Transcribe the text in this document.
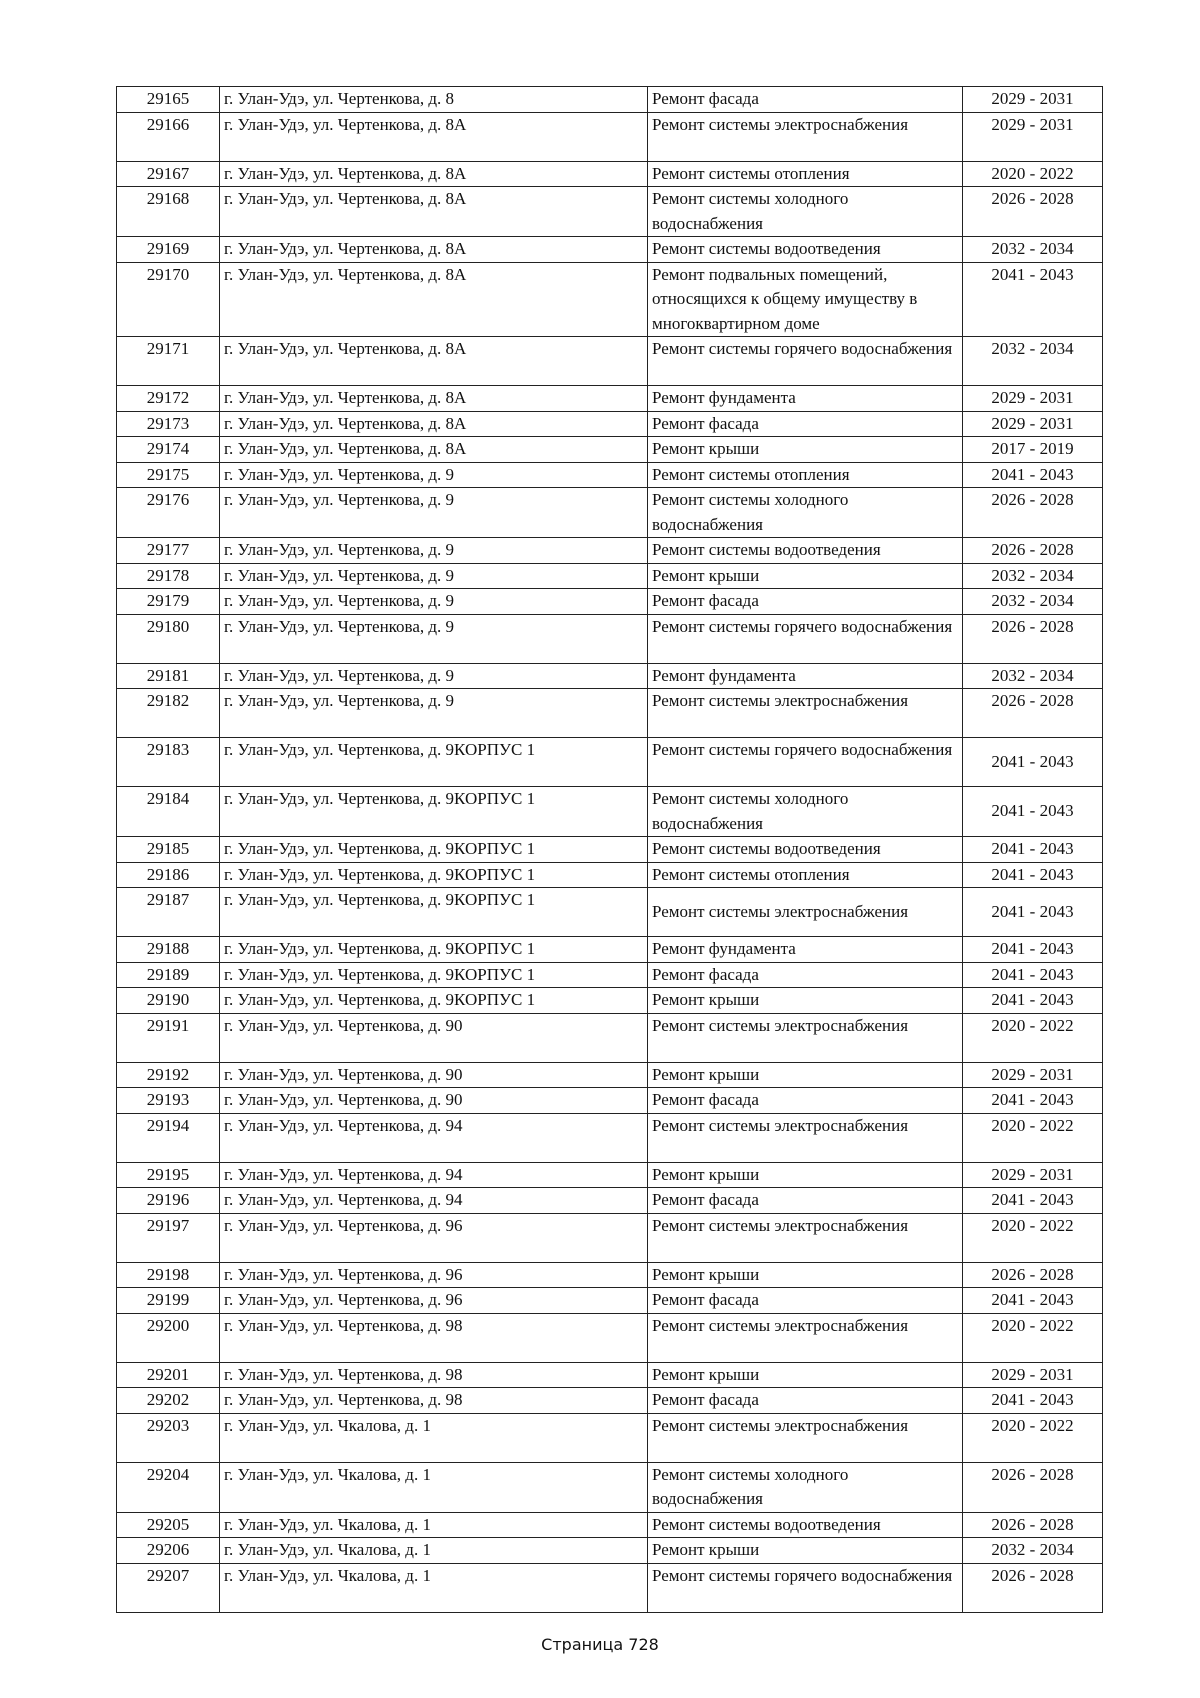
29165	г. Улан-Удэ, ул. Чертенкова, д. 8	Ремонт фасада	2029 - 2031
29166	г. Улан-Удэ, ул. Чертенкова, д. 8А	Ремонт системы электроснабжения	2029 - 2031
29167	г. Улан-Удэ, ул. Чертенкова, д. 8А	Ремонт системы отопления	2020 - 2022
29168	г. Улан-Удэ, ул. Чертенкова, д. 8А	Ремонт системы холодного водоснабжения	2026 - 2028
29169	г. Улан-Удэ, ул. Чертенкова, д. 8А	Ремонт системы водоотведения	2032 - 2034
29170	г. Улан-Удэ, ул. Чертенкова, д. 8А	Ремонт подвальных помещений, относящихся к общему имуществу в многоквартирном доме	2041 - 2043
29171	г. Улан-Удэ, ул. Чертенкова, д. 8А	Ремонт системы горячего водоснабжения	2032 - 2034
29172	г. Улан-Удэ, ул. Чертенкова, д. 8А	Ремонт фундамента	2029 - 2031
29173	г. Улан-Удэ, ул. Чертенкова, д. 8А	Ремонт фасада	2029 - 2031
29174	г. Улан-Удэ, ул. Чертенкова, д. 8А	Ремонт крыши	2017 - 2019
29175	г. Улан-Удэ, ул. Чертенкова, д. 9	Ремонт системы отопления	2041 - 2043
29176	г. Улан-Удэ, ул. Чертенкова, д. 9	Ремонт системы холодного водоснабжения	2026 - 2028
29177	г. Улан-Удэ, ул. Чертенкова, д. 9	Ремонт системы водоотведения	2026 - 2028
29178	г. Улан-Удэ, ул. Чертенкова, д. 9	Ремонт крыши	2032 - 2034
29179	г. Улан-Удэ, ул. Чертенкова, д. 9	Ремонт фасада	2032 - 2034
29180	г. Улан-Удэ, ул. Чертенкова, д. 9	Ремонт системы горячего водоснабжения	2026 - 2028
29181	г. Улан-Удэ, ул. Чертенкова, д. 9	Ремонт фундамента	2032 - 2034
29182	г. Улан-Удэ, ул. Чертенкова, д. 9	Ремонт системы электроснабжения	2026 - 2028
29183	г. Улан-Удэ, ул. Чертенкова, д. 9КОРПУС 1	Ремонт системы горячего водоснабжения	2041 - 2043
29184	г. Улан-Удэ, ул. Чертенкова, д. 9КОРПУС 1	Ремонт системы холодного водоснабжения	2041 - 2043
29185	г. Улан-Удэ, ул. Чертенкова, д. 9КОРПУС 1	Ремонт системы водоотведения	2041 - 2043
29186	г. Улан-Удэ, ул. Чертенкова, д. 9КОРПУС 1	Ремонт системы отопления	2041 - 2043
29187	г. Улан-Удэ, ул. Чертенкова, д. 9КОРПУС 1	Ремонт системы электроснабжения	2041 - 2043
29188	г. Улан-Удэ, ул. Чертенкова, д. 9КОРПУС 1	Ремонт фундамента	2041 - 2043
29189	г. Улан-Удэ, ул. Чертенкова, д. 9КОРПУС 1	Ремонт фасада	2041 - 2043
29190	г. Улан-Удэ, ул. Чертенкова, д. 9КОРПУС 1	Ремонт крыши	2041 - 2043
29191	г. Улан-Удэ, ул. Чертенкова, д. 90	Ремонт системы электроснабжения	2020 - 2022
29192	г. Улан-Удэ, ул. Чертенкова, д. 90	Ремонт крыши	2029 - 2031
29193	г. Улан-Удэ, ул. Чертенкова, д. 90	Ремонт фасада	2041 - 2043
29194	г. Улан-Удэ, ул. Чертенкова, д. 94	Ремонт системы электроснабжения	2020 - 2022
29195	г. Улан-Удэ, ул. Чертенкова, д. 94	Ремонт крыши	2029 - 2031
29196	г. Улан-Удэ, ул. Чертенкова, д. 94	Ремонт фасада	2041 - 2043
29197	г. Улан-Удэ, ул. Чертенкова, д. 96	Ремонт системы электроснабжения	2020 - 2022
29198	г. Улан-Удэ, ул. Чертенкова, д. 96	Ремонт крыши	2026 - 2028
29199	г. Улан-Удэ, ул. Чертенкова, д. 96	Ремонт фасада	2041 - 2043
29200	г. Улан-Удэ, ул. Чертенкова, д. 98	Ремонт системы электроснабжения	2020 - 2022
29201	г. Улан-Удэ, ул. Чертенкова, д. 98	Ремонт крыши	2029 - 2031
29202	г. Улан-Удэ, ул. Чертенкова, д. 98	Ремонт фасада	2041 - 2043
29203	г. Улан-Удэ, ул. Чкалова, д. 1	Ремонт системы электроснабжения	2020 - 2022
29204	г. Улан-Удэ, ул. Чкалова, д. 1	Ремонт системы холодного водоснабжения	2026 - 2028
29205	г. Улан-Удэ, ул. Чкалова, д. 1	Ремонт системы водоотведения	2026 - 2028
29206	г. Улан-Удэ, ул. Чкалова, д. 1	Ремонт крыши	2032 - 2034
29207	г. Улан-Удэ, ул. Чкалова, д. 1	Ремонт системы горячего водоснабжения	2026 - 2028
Страница 728
